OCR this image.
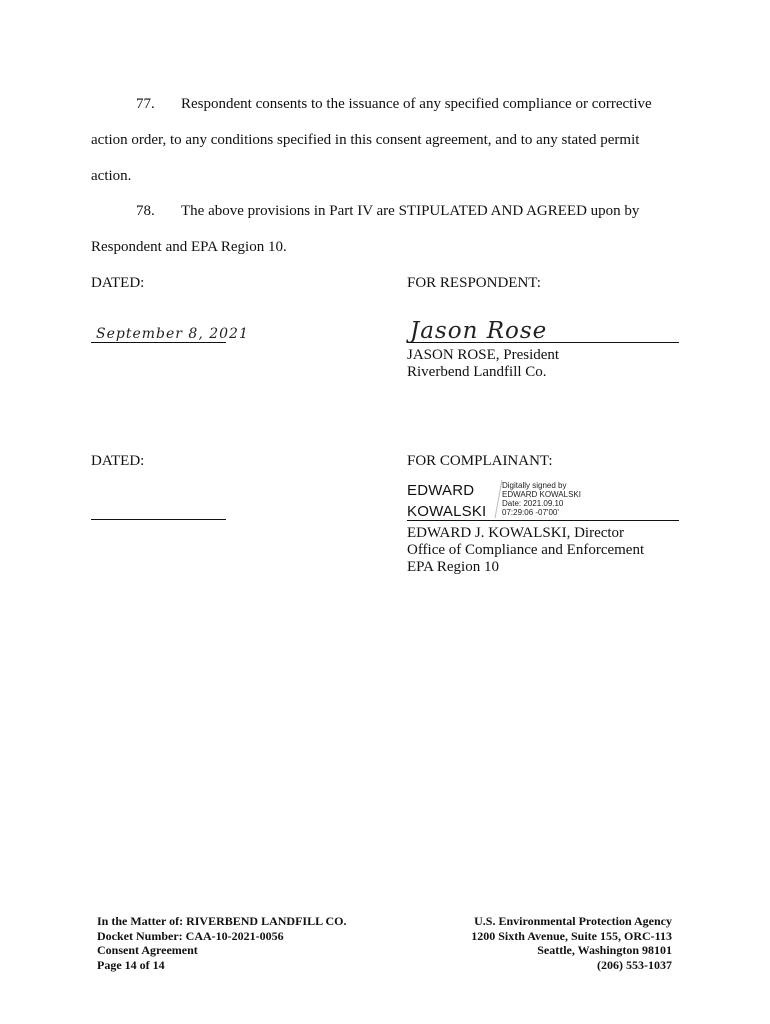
77. Respondent consents to the issuance of any specified compliance or corrective
action order, to any conditions specified in this consent agreement, and to any stated permit
action.
78. The above provisions in Part IV are STIPULATED AND AGREED upon by
Respondent and EPA Region 10.
DATED:	FOR RESPONDENT:
September 8, 2021	Jason Rose
JASON ROSE, President
Riverbend Landfill Co.
DATED:	FOR COMPLAINANT:
EDWARD
KOWALSKI
Digitally signed by
EDWARD KOWALSKI
Date: 2021.09.10
07:29:06 -07'00'
EDWARD J. KOWALSKI, Director
Office of Compliance and Enforcement
EPA Region 10
In the Matter of: RIVERBEND LANDFILL CO.
Docket Number: CAA-10-2021-0056
Consent Agreement
Page 14 of 14
U.S. Environmental Protection Agency
1200 Sixth Avenue, Suite 155, ORC-113
Seattle, Washington 98101
(206) 553-1037
